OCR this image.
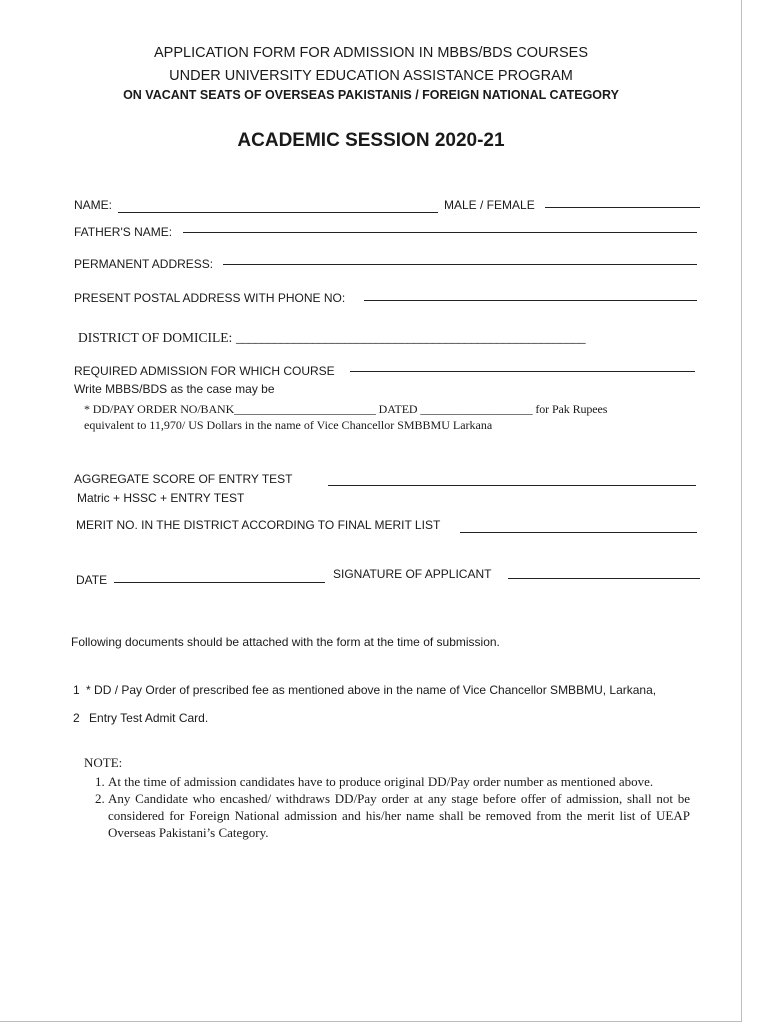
APPLICATION FORM FOR ADMISSION IN MBBS/BDS COURSES
UNDER UNIVERSITY EDUCATION ASSISTANCE PROGRAM
ON VACANT SEATS OF OVERSEAS PAKISTANIS / FOREIGN NATIONAL CATEGORY
ACADEMIC SESSION 2020-21
NAME:	MALE / FEMALE
FATHER'S NAME:
PERMANENT ADDRESS:
PRESENT POSTAL ADDRESS WITH PHONE NO:
DISTRICT OF DOMICILE: _______________________________________________________
REQUIRED ADMISSION FOR WHICH COURSE
Write MBBS/BDS as the case may be
* DD/PAY ORDER NO/BANK________________________ DATED ___________________ for Pak Rupees
equivalent to 11,970/ US Dollars in the name of Vice Chancellor SMBBMU Larkana
AGGREGATE SCORE OF ENTRY TEST
Matric + HSSC + ENTRY TEST
MERIT NO. IN THE DISTRICT ACCORDING TO FINAL MERIT LIST
DATE	SIGNATURE OF APPLICANT
Following documents should be attached with the form at the time of submission.
1 * DD / Pay Order of prescribed fee as mentioned above in the name of Vice Chancellor SMBBMU, Larkana,
2 Entry Test Admit Card.
NOTE:
1. At the time of admission candidates have to produce original DD/Pay order number as mentioned above.
2. Any Candidate who encashed/ withdraws DD/Pay order at any stage before offer of admission, shall not be considered for Foreign National admission and his/her name shall be removed from the merit list of UEAP Overseas Pakistani’s Category.
